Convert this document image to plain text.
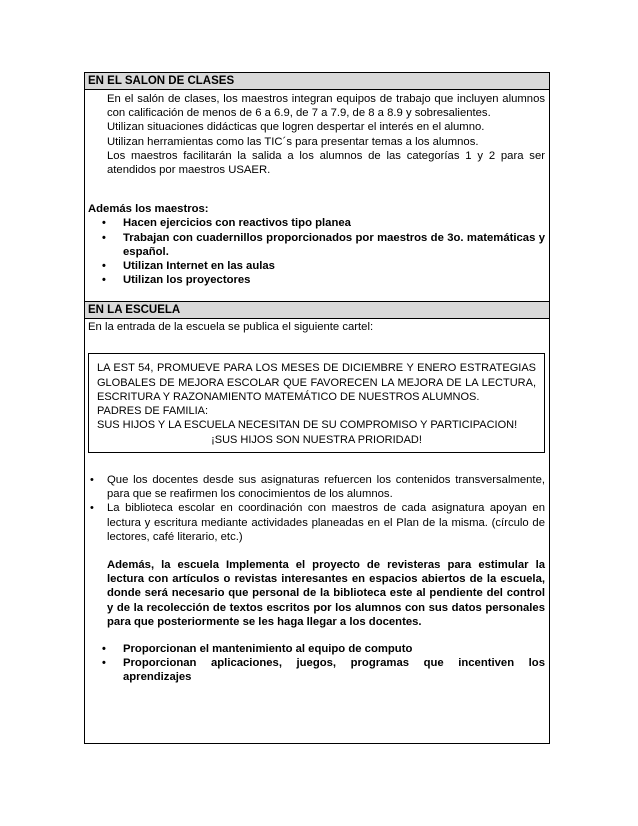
EN EL SALON DE CLASES

En el salón de clases, los maestros integran equipos de trabajo que incluyen alumnos con calificación de menos de 6 a 6.9, de 7 a 7.9, de 8 a 8.9 y sobresalientes.
Utilizan situaciones didácticas que logren despertar el interés en el alumno.
Utilizan herramientas como las TIC´s para presentar temas a los alumnos.
Los maestros facilitarán la salida a los alumnos de las categorías 1 y 2 para ser atendidos por maestros USAER.
Además los maestros:
• Hacen ejercicios con reactivos tipo planea
• Trabajan con cuadernillos proporcionados por maestros de 3o. matemáticas y español.
• Utilizan Internet en las aulas
• Utilizan los proyectores

EN LA ESCUELA

En la entrada de la escuela se publica el siguiente cartel:
LA EST 54, PROMUEVE PARA LOS MESES DE DICIEMBRE Y ENERO ESTRATEGIAS GLOBALES DE MEJORA ESCOLAR QUE FAVORECEN LA MEJORA DE LA LECTURA, ESCRITURA Y RAZONAMIENTO MATEMÁTICO DE NUESTROS ALUMNOS.
PADRES DE FAMILIA:
SUS HIJOS Y LA ESCUELA NECESITAN DE SU COMPROMISO Y PARTICIPACION!
¡SUS HIJOS SON NUESTRA PRIORIDAD!
• Que los docentes desde sus asignaturas refuercen los contenidos transversalmente, para que se reafirmen los conocimientos de los alumnos.
• La biblioteca escolar en coordinación con maestros de cada asignatura apoyan en lectura y escritura mediante actividades planeadas en el Plan de la misma. (círculo de lectores, café literario, etc.)
Además, la escuela Implementa el proyecto de revisteras para estimular la lectura con artículos o revistas interesantes en espacios abiertos de la escuela, donde será necesario que personal de la biblioteca este al pendiente del control y de la recolección de textos escritos por los alumnos con sus datos personales para que posteriormente se les haga llegar a los docentes.
• Proporcionan el mantenimiento al equipo de computo
• Proporcionan aplicaciones, juegos, programas que incentiven los aprendizajes
